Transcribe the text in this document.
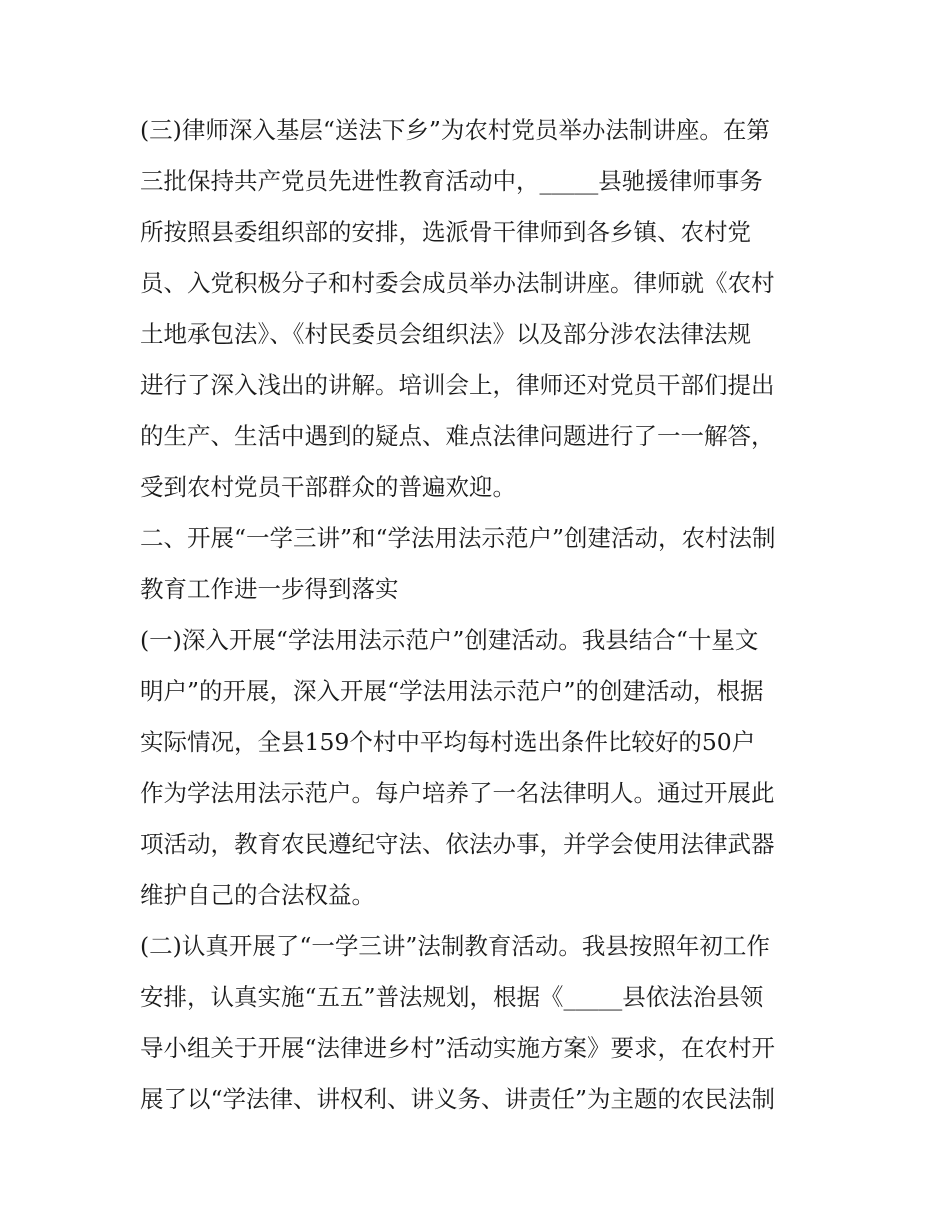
(三)律师深入基层“送法下乡”为农村党员举办法制讲座。在第
三批保持共产党员先进性教育活动中，_____县驰援律师事务
所按照县委组织部的安排，选派骨干律师到各乡镇、农村党
员、入党积极分子和村委会成员举办法制讲座。律师就《农村
土地承包法》、《村民委员会组织法》以及部分涉农法律法规
进行了深入浅出的讲解。培训会上，律师还对党员干部们提出
的生产、生活中遇到的疑点、难点法律问题进行了一一解答，
受到农村党员干部群众的普遍欢迎。
二、开展“一学三讲”和“学法用法示范户”创建活动，农村法制
教育工作进一步得到落实
(一)深入开展“学法用法示范户”创建活动。我县结合“十星文
明户”的开展，深入开展“学法用法示范户”的创建活动，根据
实际情况，全县159个村中平均每村选出条件比较好的50户
作为学法用法示范户。每户培养了一名法律明人。通过开展此
项活动，教育农民遵纪守法、依法办事，并学会使用法律武器
维护自己的合法权益。
(二)认真开展了“一学三讲”法制教育活动。我县按照年初工作
安排，认真实施“五五”普法规划，根据《_____县依法治县领
导小组关于开展“法律进乡村”活动实施方案》要求，在农村开
展了以“学法律、讲权利、讲义务、讲责任”为主题的农民法制
